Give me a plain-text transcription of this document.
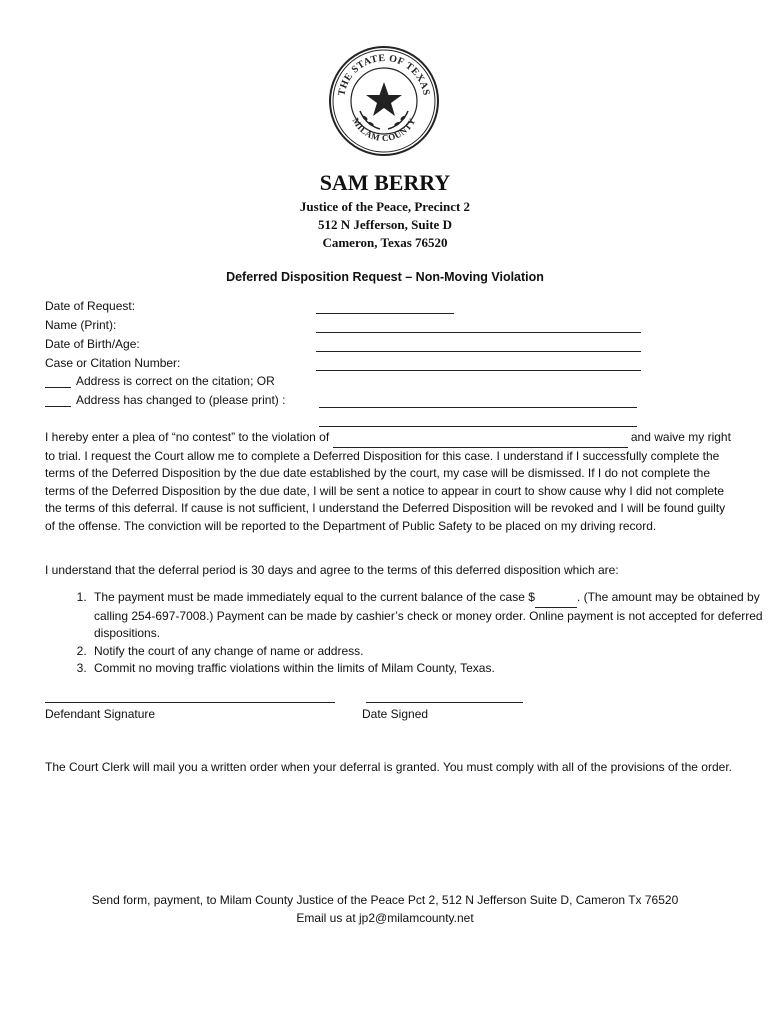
THE STATE OF TEXAS
MILAM COUNTY
SAM BERRY
Justice of the Peace, Precinct 2
512 N Jefferson, Suite D
Cameron, Texas 76520
Deferred Disposition Request – Non-Moving Violation
Date of Request:
Name (Print):
Date of Birth/Age:
Case or Citation Number:
Address is correct on the citation; OR
Address has changed to (please print) :
I hereby enter a plea of “no contest” to the violation of	and waive my right to trial. I request the Court allow me to complete a Deferred Disposition for this case. I understand if I successfully complete the terms of the Deferred Disposition by the due date established by the court, my case will be dismissed. If I do not complete the terms of the Deferred Disposition by the due date, I will be sent a notice to appear in court to show cause why I did not complete the terms of this deferral. If cause is not sufficient, I understand the Deferred Disposition will be revoked and I will be found guilty of the offense. The conviction will be reported to the Department of Public Safety to be placed on my driving record.
I understand that the deferral period is 30 days and agree to the terms of this deferred disposition which are:
1. The payment must be made immediately equal to the current balance of the case $	. (The amount may be obtained by calling 254-697-7008.) Payment can be made by cashier’s check or money order. Online payment is not accepted for deferred dispositions.
2. Notify the court of any change of name or address.
3. Commit no moving traffic violations within the limits of Milam County, Texas.
Defendant Signature	Date Signed
The Court Clerk will mail you a written order when your deferral is granted. You must comply with all of the provisions of the order.
Send form, payment, to Milam County Justice of the Peace Pct 2, 512 N Jefferson Suite D, Cameron Tx 76520
Email us at jp2@milamcounty.net
